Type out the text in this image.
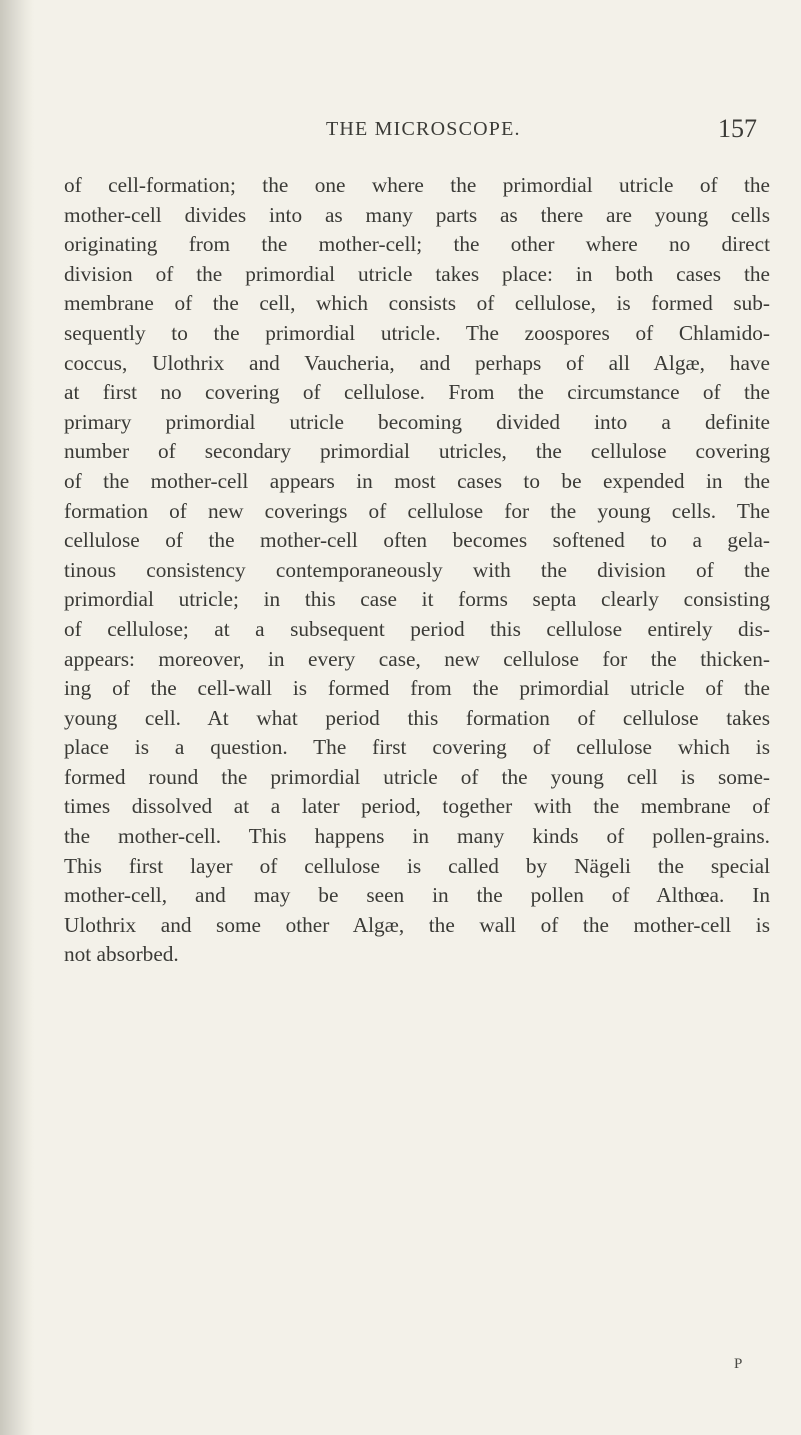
THE MICROSCOPE.	157
of cell-formation; the one where the primordial utricle of the
mother-cell divides into as many parts as there are young cells
originating from the mother-cell; the other where no direct
division of the primordial utricle takes place: in both cases the
membrane of the cell, which consists of cellulose, is formed sub-
sequently to the primordial utricle. The zoospores of Chlamido-
coccus, Ulothrix and Vaucheria, and perhaps of all Algæ, have
at first no covering of cellulose. From the circumstance of the
primary primordial utricle becoming divided into a definite
number of secondary primordial utricles, the cellulose covering
of the mother-cell appears in most cases to be expended in the
formation of new coverings of cellulose for the young cells. The
cellulose of the mother-cell often becomes softened to a gela-
tinous consistency contemporaneously with the division of the
primordial utricle; in this case it forms septa clearly consisting
of cellulose; at a subsequent period this cellulose entirely dis-
appears: moreover, in every case, new cellulose for the thicken-
ing of the cell-wall is formed from the primordial utricle of the
young cell. At what period this formation of cellulose takes
place is a question. The first covering of cellulose which is
formed round the primordial utricle of the young cell is some-
times dissolved at a later period, together with the membrane of
the mother-cell. This happens in many kinds of pollen-grains.
This first layer of cellulose is called by Nägeli the special
mother-cell, and may be seen in the pollen of Althœa. In
Ulothrix and some other Algæ, the wall of the mother-cell is
not absorbed.
P
